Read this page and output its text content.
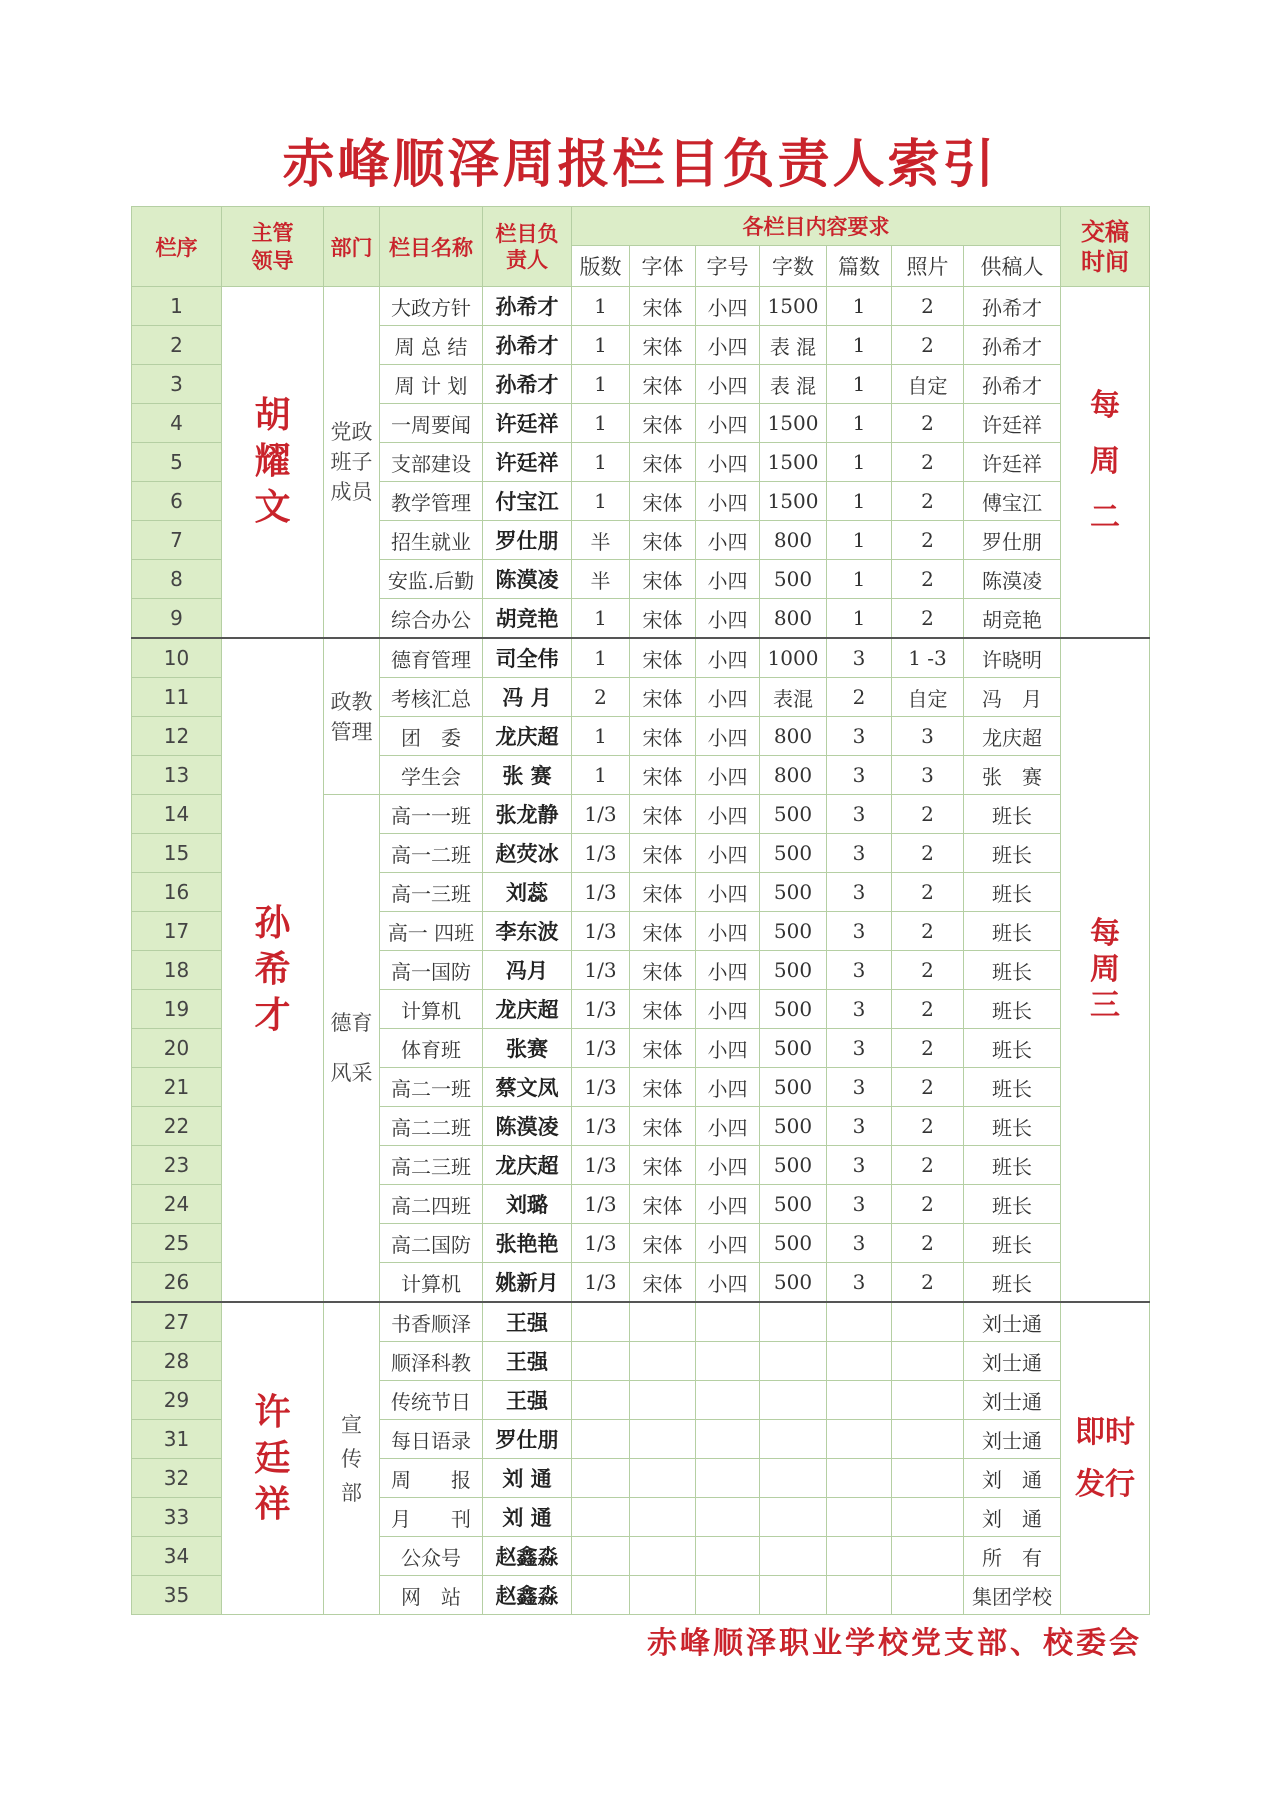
赤峰顺泽周报栏目负责人索引
栏序	主管领导	部门	栏目名称	栏目负责人	各栏目内容要求							交稿时间

					版数	字体	字号	字数	篇数	照片	供稿人	
1	胡耀文	党政班子成员	大政方针	孙希才	1	宋体	小四	1500	1	2	孙希才	每周二

2			周 总 结	孙希才	1	宋体	小四	表 混	1	2	孙希才	
3			周 计 划	孙希才	1	宋体	小四	表 混	1	自定	孙希才	
4			一周要闻	许廷祥	1	宋体	小四	1500	1	2	许廷祥	
5			支部建设	许廷祥	1	宋体	小四	1500	1	2	许廷祥	
6			教学管理	付宝江	1	宋体	小四	1500	1	2	傅宝江	
7			招生就业	罗仕朋	半	宋体	小四	800	1	2	罗仕朋	
8			安监.后勤	陈漠凌	半	宋体	小四	500	1	2	陈漠凌	
9			综合办公	胡竞艳	1	宋体	小四	800	1	2	胡竞艳	
10	孙希才	政教管理	德育管理	司全伟	1	宋体	小四	1000	3	1 -3	许晓明	每周三

11			考核汇总	冯 月	2	宋体	小四	表混	2	自定	冯　月	
12			团　委	龙庆超	1	宋体	小四	800	3	3	龙庆超	
13			学生会	张 赛	1	宋体	小四	800	3	3	张　赛	
14		德育风采	高一一班	张龙静	1/3	宋体	小四	500	3	2	班长	
15			高一二班	赵荧冰	1/3	宋体	小四	500	3	2	班长	
16			高一三班	刘蕊	1/3	宋体	小四	500	3	2	班长	
17			高一 四班	李东波	1/3	宋体	小四	500	3	2	班长	
18			高一国防	冯月	1/3	宋体	小四	500	3	2	班长	
19			计算机	龙庆超	1/3	宋体	小四	500	3	2	班长	
20			体育班	张赛	1/3	宋体	小四	500	3	2	班长	
21			高二一班	蔡文凤	1/3	宋体	小四	500	3	2	班长	
22			高二二班	陈漠凌	1/3	宋体	小四	500	3	2	班长	
23			高二三班	龙庆超	1/3	宋体	小四	500	3	2	班长	
24			高二四班	刘璐	1/3	宋体	小四	500	3	2	班长	
25			高二国防	张艳艳	1/3	宋体	小四	500	3	2	班长	
26			计算机	姚新月	1/3	宋体	小四	500	3	2	班长	
27	许廷祥	宣传部	书香顺泽	王强							刘士通	即时发行

28			顺泽科教	王强							刘士通	
29			传统节日	王强							刘士通	
31			每日语录	罗仕朋							刘士通	
32			周　　报	刘 通							刘　通	
33			月　　刊	刘 通							刘　通	
34			公众号	赵鑫淼							所　有	
35			网　站	赵鑫淼							集团学校	
赤峰顺泽职业学校党支部、校委会
